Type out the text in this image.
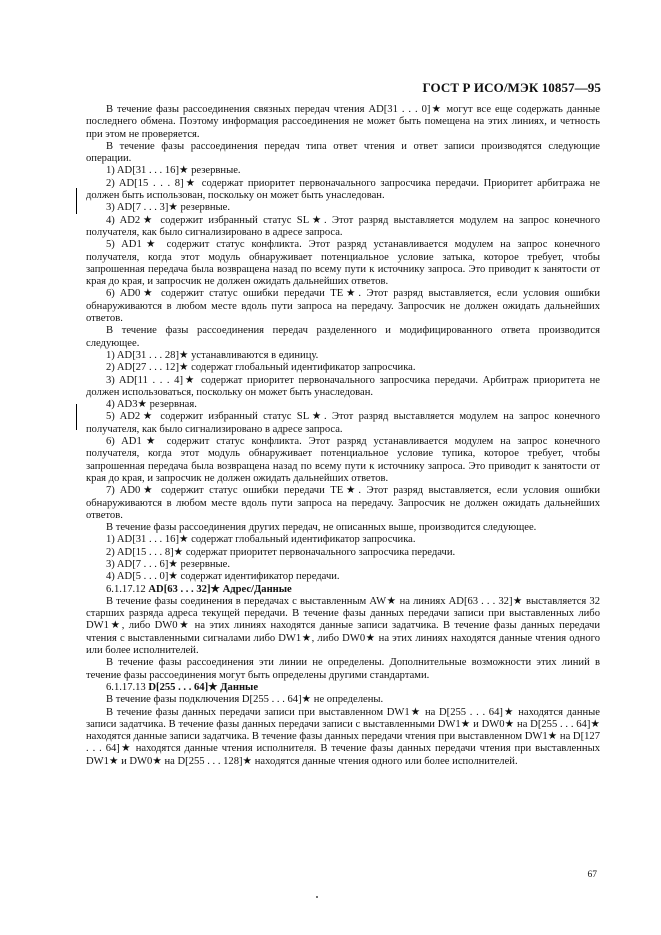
ГОСТ Р ИСО/МЭК 10857—95

В течение фазы рассоединения связных передач чтения AD[31 . . . 0]★ могут все еще содержать данные последнего обмена. Поэтому информация рассоединения не может быть помещена на этих линиях, и четность при этом не проверяется.

В течение фазы рассоединения передач типа ответ чтения и ответ записи производятся следующие операции.

1) AD[31 . . . 16]★ резервные.

2) AD[15 . . . 8]★ содержат приоритет первоначального запросчика передачи. Приоритет арбитража не должен быть использован, поскольку он может быть унаследован.

3) AD[7 . . . 3]★ резервные.

4) AD2★ содержит избранный статус SL★. Этот разряд выставляется модулем на запрос конечного получателя, как было сигнализировано в адресе запроса.

5) AD1★ содержит статус конфликта. Этот разряд устанавливается модулем на запрос конечного получателя, когда этот модуль обнаруживает потенциальное условие затыка, которое требует, чтобы запрошенная передача была возвращена назад по всему пути к источнику запроса. Это приводит к занятости от края до края, и запросчик не должен ожидать дальнейших ответов.

6) AD0★ содержит статус ошибки передачи TE★. Этот разряд выставляется, если условия ошибки обнаруживаются в любом месте вдоль пути запроса на передачу. Запросчик не должен ожидать дальнейших ответов.

В течение фазы рассоединения передач разделенного и модифицированного ответа производится следующее.

1) AD[31 . . . 28]★ устанавливаются в единицу.

2) AD[27 . . . 12]★ содержат глобальный идентификатор запросчика.

3) AD[11 . . . 4]★ содержат приоритет первоначального запросчика передачи. Арбитраж приоритета не должен использоваться, поскольку он может быть унаследован.

4) AD3★ резервная.

5) AD2★ содержит избранный статус SL★. Этот разряд выставляется модулем на запрос конечного получателя, как было сигнализировано в адресе запроса.

6) AD1★ содержит статус конфликта. Этот разряд устанавливается модулем на запрос конечного получателя, когда этот модуль обнаруживает потенциальное условие тупика, которое требует, чтобы запрошенная передача была возвращена назад по всему пути к источнику запроса. Это приводит к занятости от края до края, и запросчик не должен ожидать дальнейших ответов.

7) AD0★ содержит статус ошибки передачи TE★. Этот разряд выставляется, если условия ошибки обнаруживаются в любом месте вдоль пути запроса на передачу. Запросчик не должен ожидать дальнейших ответов.

В течение фазы рассоединения других передач, не описанных выше, производится следующее.

1) AD[31 . . . 16]★ содержат глобальный идентификатор запросчика.

2) AD[15 . . . 8]★ содержат приоритет первоначального запросчика передачи.

3) AD[7 . . . 6]★ резервные.

4) AD[5 . . . 0]★ содержат идентификатор передачи.

6.1.17.12 AD[63 . . . 32]★ Адрес/Данные

В течение фазы соединения в передачах с выставленным AW★ на линиях AD[63 . . . 32]★ выставляется 32 старших разряда адреса текущей передачи. В течение фазы данных передачи записи при выставленных либо DW1★, либо DW0★ на этих линиях находятся данные записи задатчика. В течение фазы данных передачи чтения с выставленными сигналами либо DW1★, либо DW0★ на этих линиях находятся данные чтения одного или более исполнителей.

В течение фазы рассоединения эти линии не определены. Дополнительные возможности этих линий в течение фазы рассоединения могут быть определены другими стандартами.

6.1.17.13 D[255 . . . 64]★ Данные

В течение фазы подключения D[255 . . . 64]★ не определены.

В течение фазы данных передачи записи при выставленном DW1★ на D[255 . . . 64]★ находятся данные записи задатчика. В течение фазы данных передачи записи с выставленными DW1★ и DW0★ на D[255 . . . 64]★ находятся данные записи задатчика. В течение фазы данных передачи чтения при выставленном DW1★ на D[127 . . . 64]★ находятся данные чтения исполнителя. В течение фазы данных передачи чтения при выставленных DW1★ и DW0★ на D[255 . . . 128]★ находятся данные чтения одного или более исполнителей.

67
